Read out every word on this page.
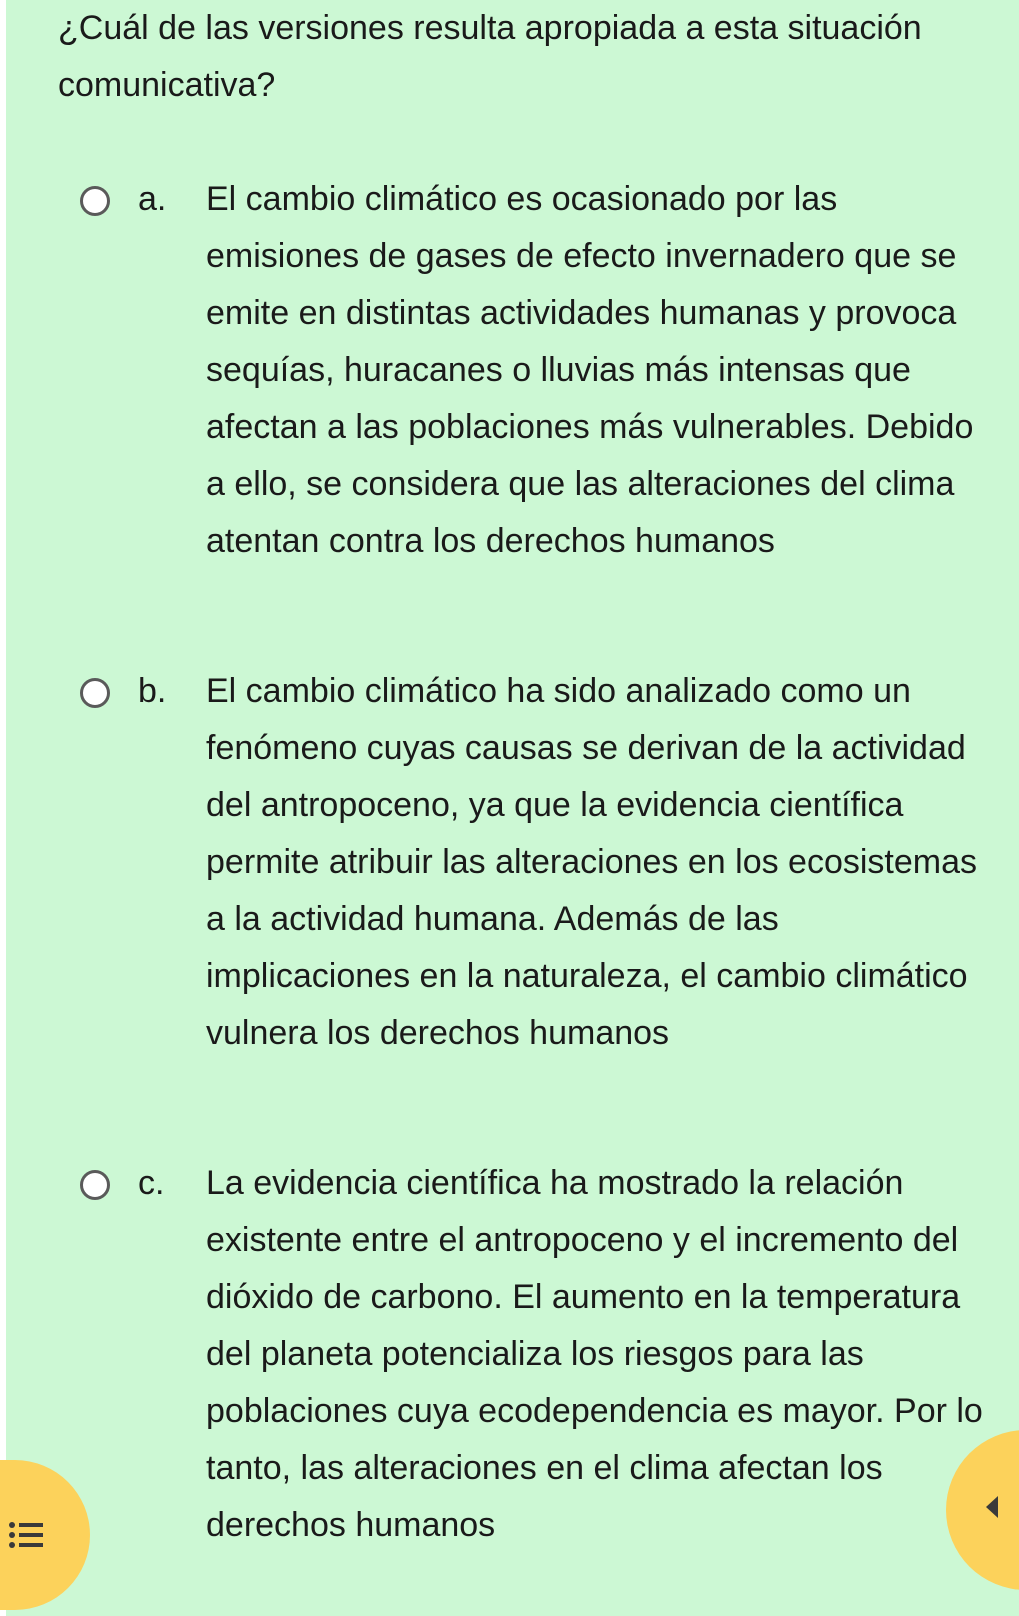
¿Cuál de las versiones resulta apropiada a esta situación comunicativa?

a. El cambio climático es ocasionado por las emisiones de gases de efecto invernadero que se emite en distintas actividades humanas y provoca sequías, huracanes o lluvias más intensas que afectan a las poblaciones más vulnerables. Debido a ello, se considera que las alteraciones del clima atentan contra los derechos humanos

b. El cambio climático ha sido analizado como un fenómeno cuyas causas se derivan de la actividad del antropoceno, ya que la evidencia científica permite atribuir las alteraciones en los ecosistemas a la actividad humana. Además de las implicaciones en la naturaleza, el cambio climático vulnera los derechos humanos

c. La evidencia científica ha mostrado la relación existente entre el antropoceno y el incremento del dióxido de carbono. El aumento en la temperatura del planeta potencializa los riesgos para las poblaciones cuya ecodependencia es mayor. Por lo tanto, las alteraciones en el clima afectan los derechos humanos
